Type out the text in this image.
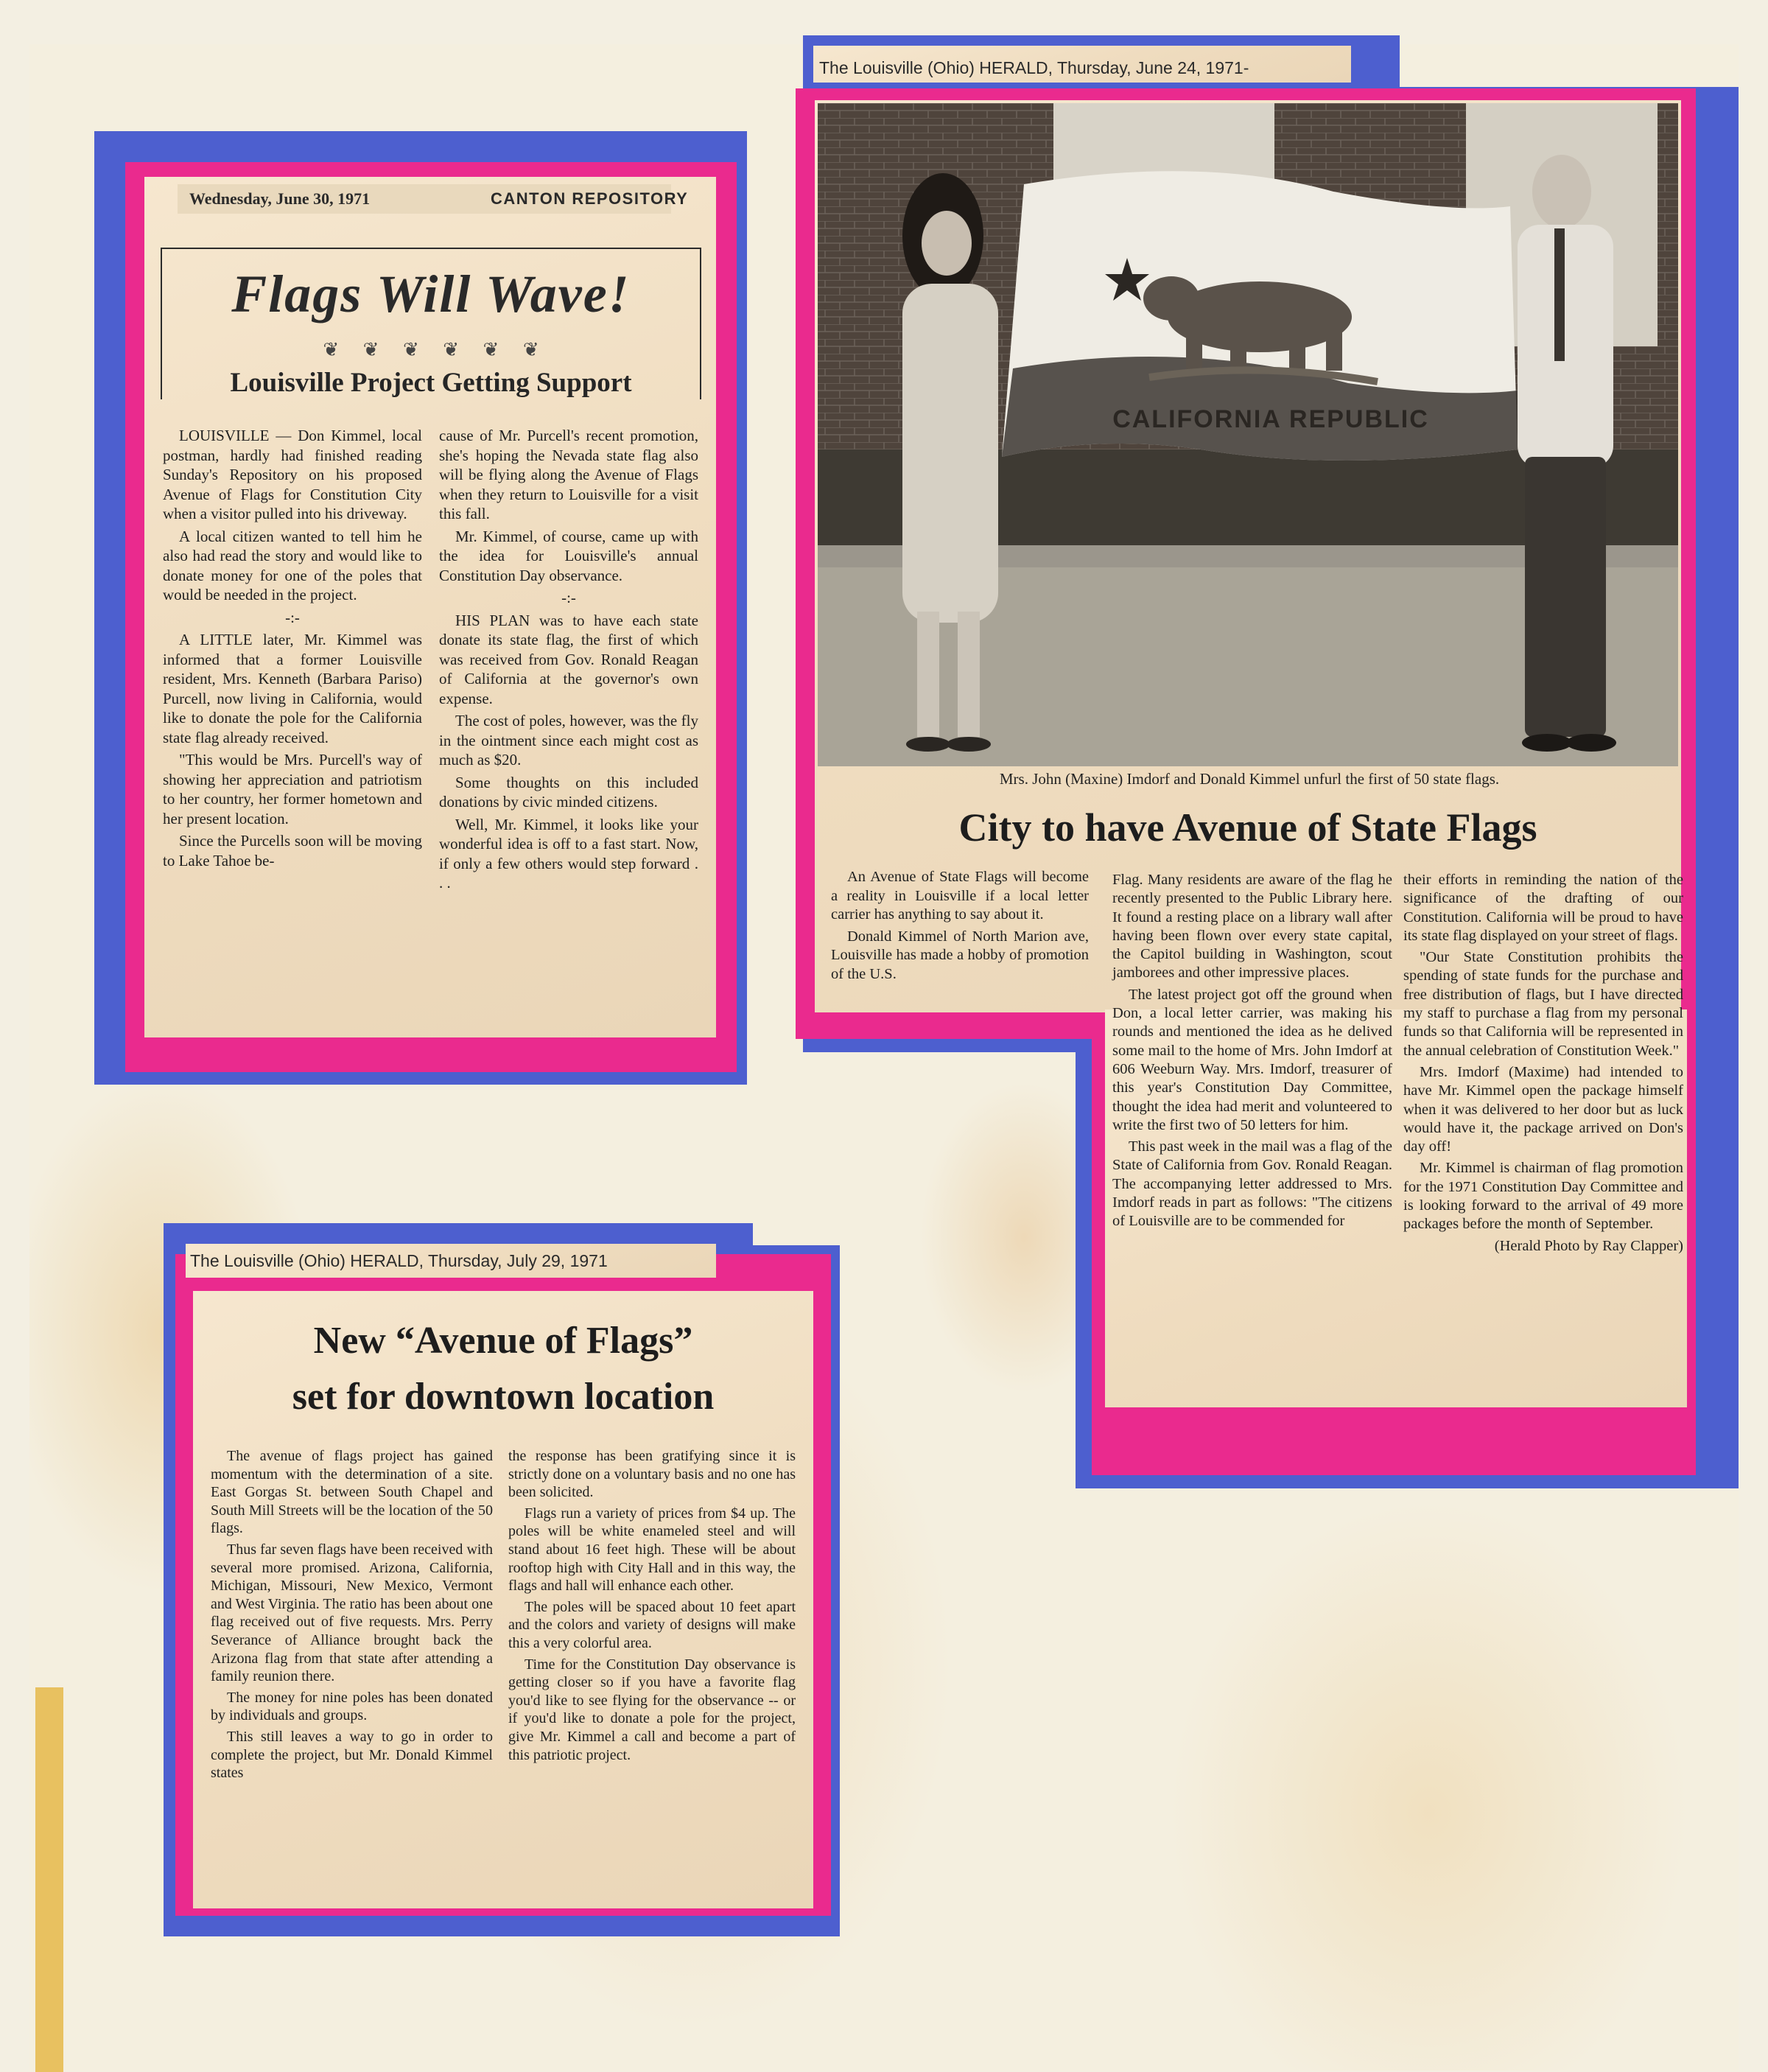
Wednesday, June 30, 1971	CANTON REPOSITORY
Flags Will Wave!
❦     ❦     ❦     ❦     ❦     ❦
Louisville Project Getting Support

LOUISVILLE — Don Kimmel, local postman, hardly had finished reading Sunday's Repository on his proposed Avenue of Flags for Constitution City when a visitor pulled into his driveway.

A local citizen wanted to tell him he also had read the story and would like to donate money for one of the poles that would be needed in the project.

-:-

A LITTLE later, Mr. Kimmel was informed that a former Louisville resident, Mrs. Kenneth (Barbara Pariso) Purcell, now living in California, would like to donate the pole for the California state flag already received.

"This would be Mrs. Purcell's way of showing her appreciation and patriotism to her country, her former hometown and her present location.

Since the Purcells soon will be moving to Lake Tahoe be-

cause of Mr. Purcell's recent promotion, she's hoping the Nevada state flag also will be flying along the Avenue of Flags when they return to Louisville for a visit this fall.

Mr. Kimmel, of course, came up with the idea for Louisville's annual Constitution Day observance.

-:-

HIS PLAN was to have each state donate its state flag, the first of which was received from Gov. Ronald Reagan of California at the governor's own expense.

The cost of poles, however, was the fly in the ointment since each might cost as much as $20.

Some thoughts on this included donations by civic minded citizens.

Well, Mr. Kimmel, it looks like your wonderful idea is off to a fast start. Now, if only a few others would step forward . . .

The Louisville (Ohio) HERALD, Thursday, June 24, 1971-
CALIFORNIA REPUBLIC
Mrs. John (Maxine) Imdorf and Donald Kimmel unfurl the first of 50 state flags.
City to have Avenue of State Flags

An Avenue of State Flags will become a reality in Louisville if a local letter carrier has anything to say about it.

Donald Kimmel of North Marion ave, Louisville has made a hobby of promotion of the U.S.

Flag. Many residents are aware of the flag he recently presented to the Public Library here. It found a resting place on a library wall after having been flown over every state capital, the Capitol building in Washington, scout jamborees and other impressive places.

The latest project got off the ground when Don, a local letter carrier, was making his rounds and mentioned the idea as he delived some mail to the home of Mrs. John Imdorf at 606 Weeburn Way. Mrs. Imdorf, treasurer of this year's Constitution Day Committee, thought the idea had merit and volunteered to write the first two of 50 letters for him.

This past week in the mail was a flag of the State of California from Gov. Ronald Reagan. The accompanying letter addressed to Mrs. Imdorf reads in part as follows: "The citizens of Louisville are to be commended for

their efforts in reminding the nation of the significance of the drafting of our Constitution. California will be proud to have its state flag displayed on your street of flags.

"Our State Constitution prohibits the spending of state funds for the purchase and free distribution of flags, but I have directed my staff to purchase a flag from my personal funds so that California will be represented in the annual celebration of Constitution Week."

Mrs. Imdorf (Maxime) had intended to have Mr. Kimmel open the package himself when it was delivered to her door but as luck would have it, the package arrived on Don's day off!

Mr. Kimmel is chairman of flag promotion for the 1971 Constitution Day Committee and is looking forward to the arrival of 49 more packages before the month of September.

(Herald Photo by Ray Clapper)
The Louisville (Ohio) HERALD, Thursday, July 29, 1971
New “Avenue of Flags”
set for downtown location

The avenue of flags project has gained momentum with the determination of a site. East Gorgas St. between South Chapel and South Mill Streets will be the location of the 50 flags.

Thus far seven flags have been received with several more promised. Arizona, California, Michigan, Missouri, New Mexico, Vermont and West Virginia. The ratio has been about one flag received out of five requests. Mrs. Perry Severance of Alliance brought back the Arizona flag from that state after attending a family reunion there.

The money for nine poles has been donated by individuals and groups.

This still leaves a way to go in order to complete the project, but Mr. Donald Kimmel states

the response has been gratifying since it is strictly done on a voluntary basis and no one has been solicited.

Flags run a variety of prices from $4 up. The poles will be white enameled steel and will stand about 16 feet high. These will be about rooftop high with City Hall and in this way, the flags and hall will enhance each other.

The poles will be spaced about 10 feet apart and the colors and variety of designs will make this a very colorful area.

Time for the Constitution Day observance is getting closer so if you have a favorite flag you'd like to see flying for the observance -- or if you'd like to donate a pole for the project, give Mr. Kimmel a call and become a part of this patriotic project.
